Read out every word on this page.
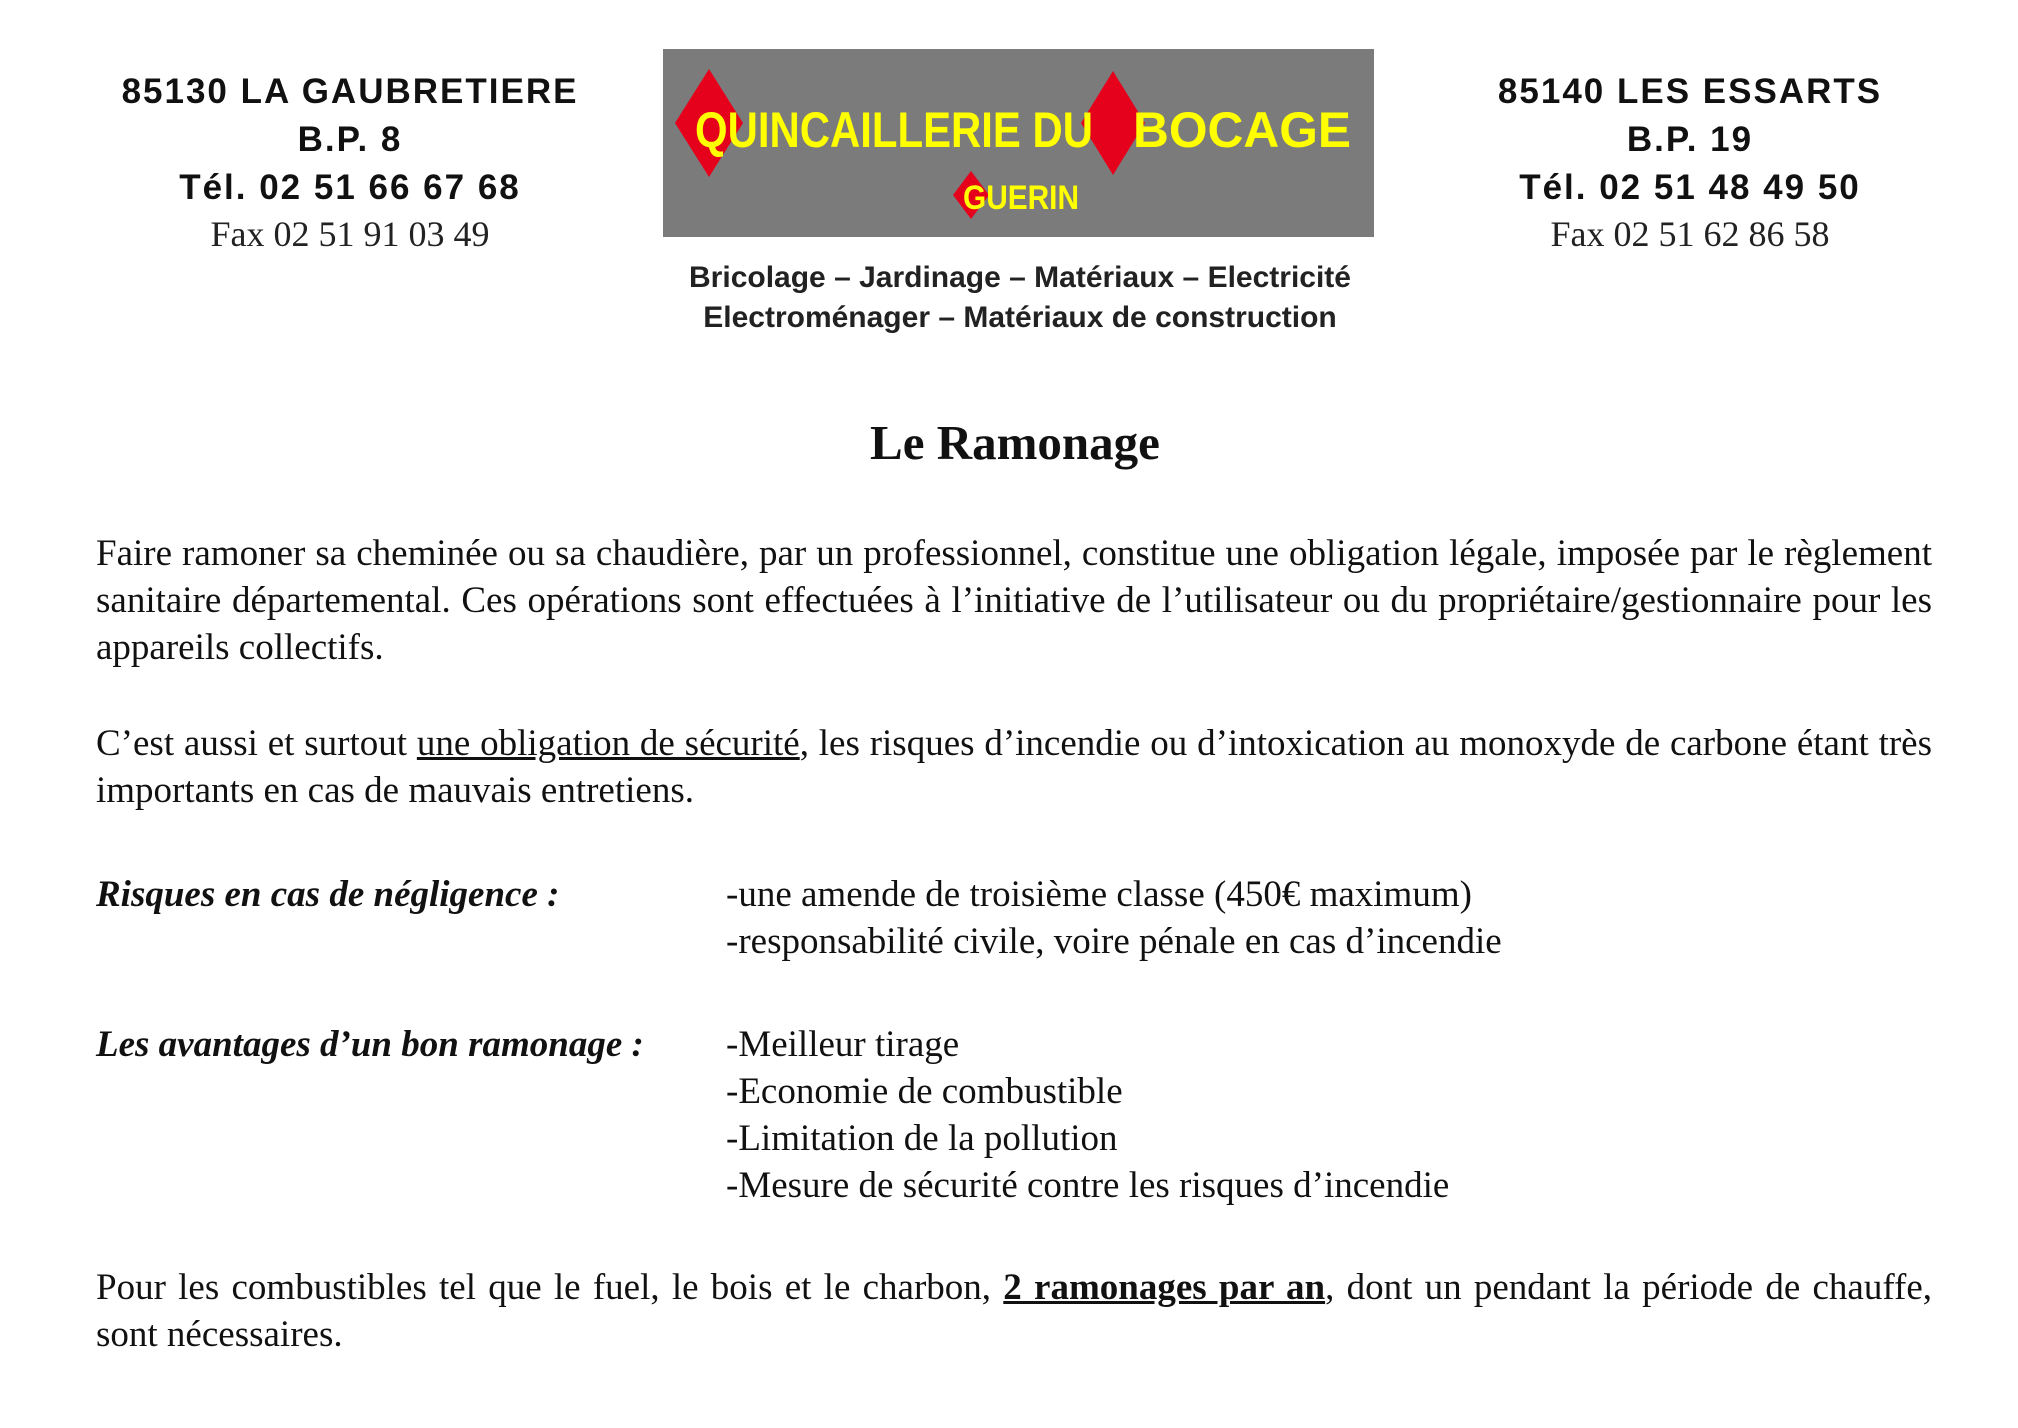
85130 LA GAUBRETIERE
B.P. 8
Tél. 02 51 66 67 68
Fax 02 51 91 03 49
QUINCAILLERIE DU BOCAGE
GUERIN
85140 LES ESSARTS
B.P. 19
Tél. 02 51 48 49 50
Fax 02 51 62 86 58
Bricolage – Jardinage – Matériaux – Electricité
Electroménager – Matériaux de construction
Le Ramonage
Faire ramoner sa cheminée ou sa chaudière, par un professionnel, constitue une obligation légale, imposée par le règlement sanitaire départemental. Ces opérations sont effectuées à l’initiative de l’utilisateur ou du propriétaire/gestionnaire pour les appareils collectifs.
C’est aussi et surtout une obligation de sécurité, les risques d’incendie ou d’intoxication au monoxyde de carbone étant très importants en cas de mauvais entretiens.
Risques en cas de négligence :	-une amende de troisième classe (450€ maximum)
-responsabilité civile, voire pénale en cas d’incendie
Les avantages d’un bon ramonage : -Meilleur tirage
-Economie de combustible
-Limitation de la pollution
-Mesure de sécurité contre les risques d’incendie
Pour les combustibles tel que le fuel, le bois et le charbon, 2 ramonages par an, dont un pendant la période de chauffe, sont nécessaires.
